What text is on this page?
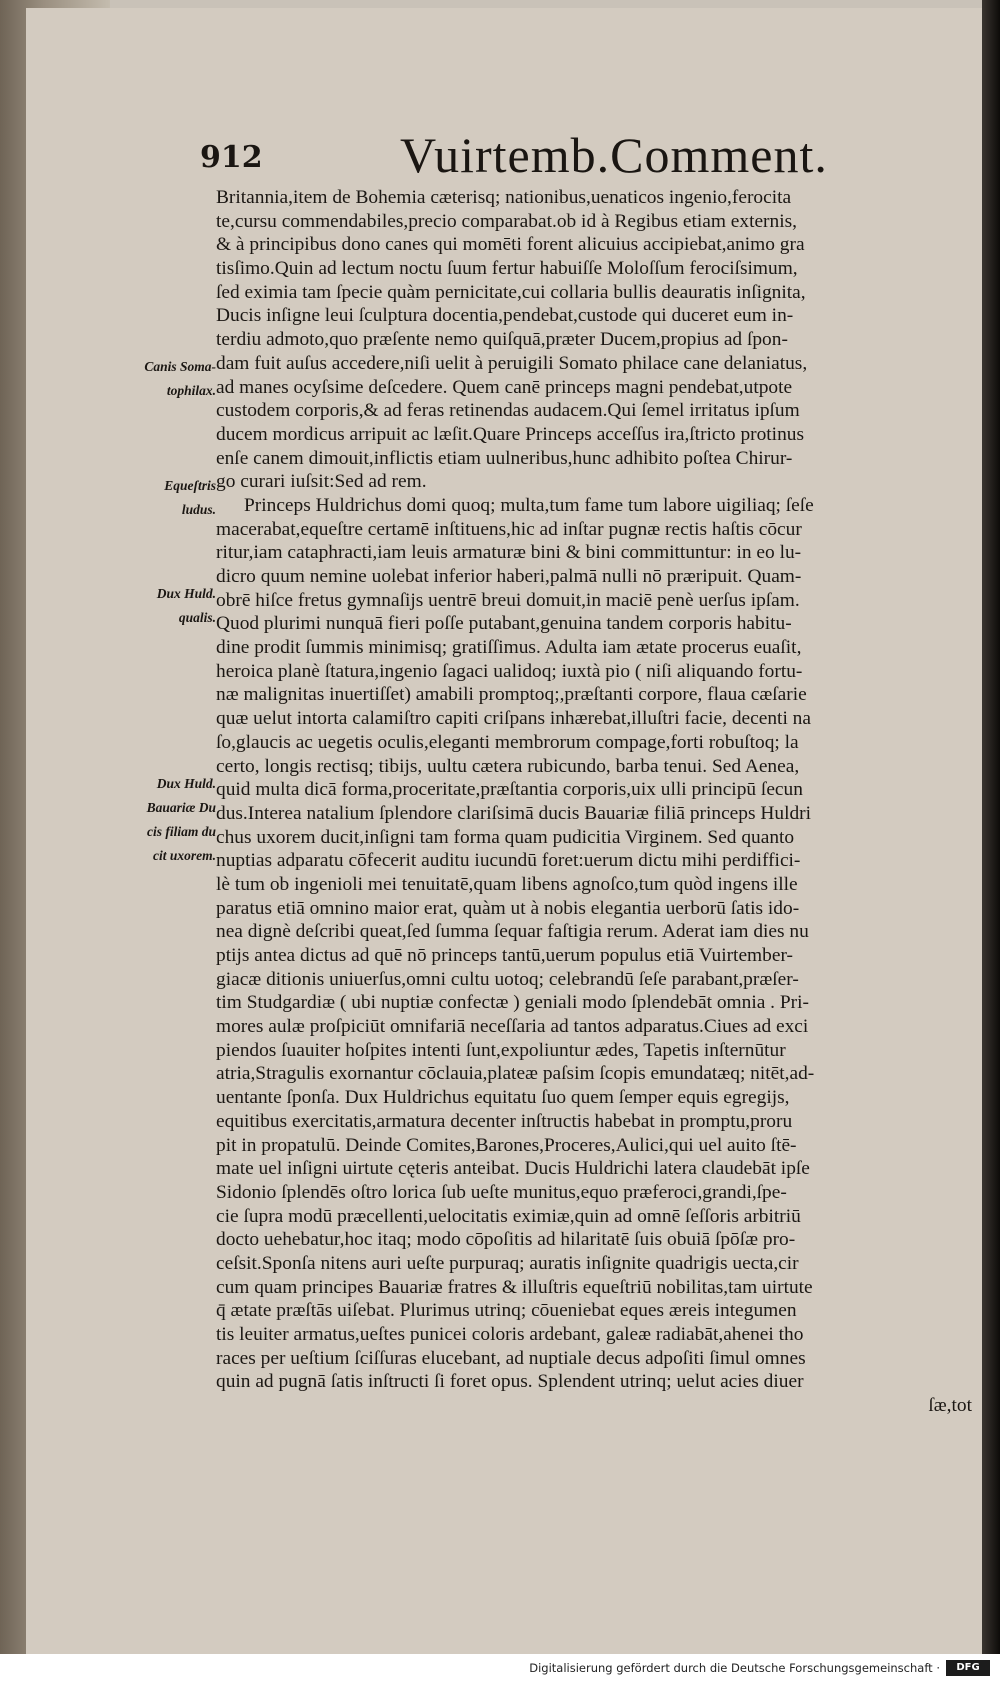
912	Vuirtemb.Comment.

Britannia,item de Bohemia cæterisq; nationibus,uenaticos ingenio,ferocita
te,cursu commendabiles,precio comparabat.ob id à Regibus etiam externis,
& à principibus dono canes qui momēti forent alicuius accipiebat,animo gra
tisſimo.Quin ad lectum noctu ſuum fertur habuiſſe Moloſſum ferociſsimum,
ſed eximia tam ſpecie quàm pernicitate,cui collaria bullis deauratis inſignita,
Ducis inſigne leui ſculptura docentia,pendebat,custode qui duceret eum in-
terdiu admoto,quo præſente nemo quiſquā,præter Ducem,propius ad ſpon-
dam fuit auſus accedere,niſi uelit à peruigili Somato philace cane delaniatus,
ad manes ocyſsime deſcedere. Quem canē princeps magni pendebat,utpote
custodem corporis,& ad feras retinendas audacem.Qui ſemel irritatus ipſum
ducem mordicus arripuit ac læſit.Quare Princeps acceſſus ira,ſtricto protinus
enſe canem dimouit,inflictis etiam uulneribus,hunc adhibito poſtea Chirur-
go curari iuſsit:Sed ad rem.
Princeps Huldrichus domi quoq; multa,tum fame tum labore uigiliaq; ſeſe
macerabat,equeſtre certamē inſtituens,hic ad inſtar pugnæ rectis haſtis cōcur
ritur,iam cataphracti,iam leuis armaturæ bini & bini committuntur: in eo lu-
dicro quum nemine uolebat inferior haberi,palmā nulli nō præripuit. Quam-
obrē hiſce fretus gymnaſijs uentrē breui domuit,in maciē penè uerſus ipſam.
Quod plurimi nunquā fieri poſſe putabant,genuina tandem corporis habitu-
dine prodit ſummis minimisq; gratiſſimus. Adulta iam ætate procerus euaſit,
heroica planè ſtatura,ingenio ſagaci ualidoq; iuxtà pio ( niſi aliquando fortu-
næ malignitas inuertiſſet) amabili promptoq;,præſtanti corpore, flaua cæſarie
quæ uelut intorta calamiſtro capiti criſpans inhærebat,illuſtri facie, decenti na
ſo,glaucis ac uegetis oculis,eleganti membrorum compage,forti robuſtoq; la
certo, longis rectisq; tibijs, uultu cætera rubicundo, barba tenui. Sed Aenea,
quid multa dicā forma,proceritate,præſtantia corporis,uix ulli principū ſecun
dus.Interea natalium ſplendore clariſsimā ducis Bauariæ filiā princeps Huldri
chus uxorem ducit,inſigni tam forma quam pudicitia Virginem. Sed quanto
nuptias adparatu cōfecerit auditu iucundū foret:uerum dictu mihi perdiffici-
lè tum ob ingenioli mei tenuitatē,quam libens agnoſco,tum quòd ingens ille
paratus etiā omnino maior erat, quàm ut à nobis elegantia uerborū ſatis ido-
nea dignè deſcribi queat,ſed ſumma ſequar faſtigia rerum. Aderat iam dies nu
ptijs antea dictus ad quē nō princeps tantū,uerum populus etiā Vuirtember-
giacæ ditionis uniuerſus,omni cultu uotoq; celebrandū ſeſe parabant,præſer-
tim Studgardiæ ( ubi nuptiæ confectæ ) geniali modo ſplendebāt omnia . Pri-
mores aulæ proſpiciūt omnifariā neceſſaria ad tantos adparatus.Ciues ad exci
piendos ſuauiter hoſpites intenti ſunt,expoliuntur ædes, Tapetis inſternūtur
atria,Stragulis exornantur cōclauia,plateæ paſsim ſcopis emundatæq; nitēt,ad-
uentante ſponſa. Dux Huldrichus equitatu ſuo quem ſemper equis egregijs,
equitibus exercitatis,armatura decenter inſtructis habebat in promptu,proru
pit in propatulū. Deinde Comites,Barones,Proceres,Aulici,qui uel auito ſtē-
mate uel inſigni uirtute cęteris anteibat. Ducis Huldrichi latera claudebāt ipſe
Sidonio ſplendēs oſtro lorica ſub ueſte munitus,equo præferoci,grandi,ſpe-
cie ſupra modū præcellenti,uelocitatis eximiæ,quin ad omnē ſeſſoris arbitriū
docto uehebatur,hoc itaq; modo cōpoſitis ad hilaritatē ſuis obuiā ſpōſæ pro-
ceſsit.Sponſa nitens auri ueſte purpuraq; auratis inſignite quadrigis uecta,cir
cum quam principes Bauariæ fratres & illuſtris equeſtriū nobilitas,tam uirtute
q̄ ætate præſtās uiſebat. Plurimus utrinq; cōueniebat eques æreis integumen
tis leuiter armatus,ueſtes punicei coloris ardebant, galeæ radiabāt,ahenei tho
races per ueſtium ſciſſuras elucebant, ad nuptiale decus adpoſiti ſimul omnes
quin ad pugnā ſatis inſtructi ſi foret opus. Splendent utrinq; uelut acies diuer
ſæ,tot

Canis Soma-

tophilax.

Equeſtris

ludus.

Dux Huld.

qualis.

Dux Huld.

Bauariæ Du

cis filiam du

cit uxorem.

Digitalisierung gefördert durch die Deutsche Forschungsgemeinschaft ·	DFG
